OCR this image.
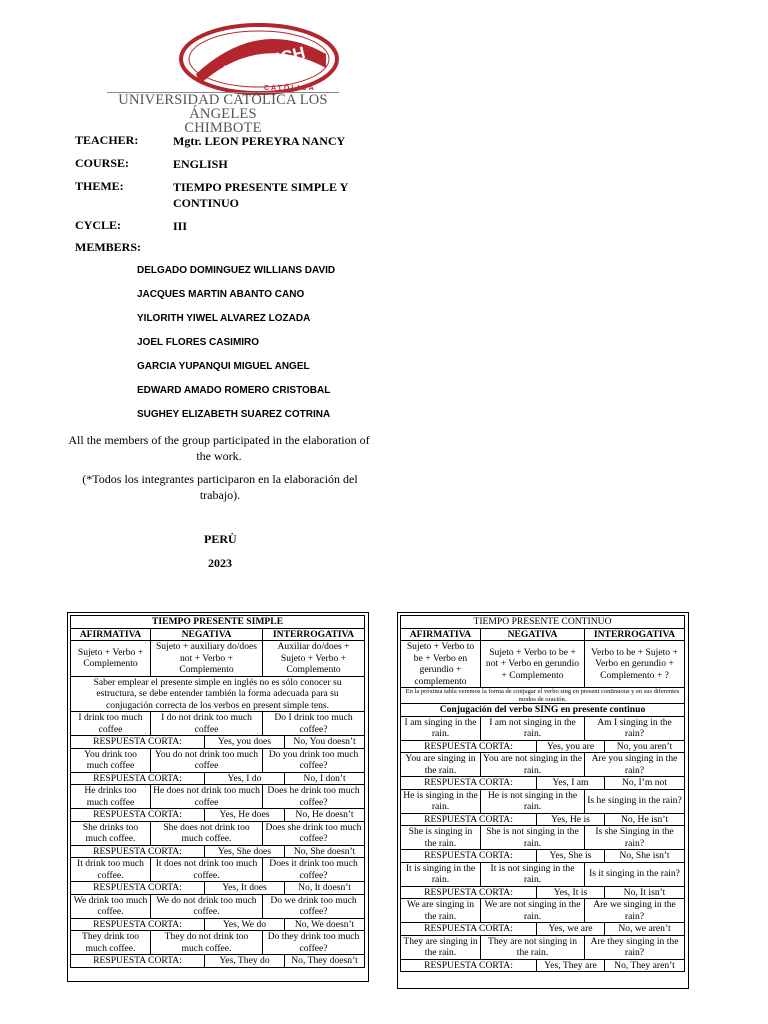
ULADECH
CATÓLICA
UNIVERSIDAD CATÓLICA LOS ÁNGELES
CHIMBOTE
TEACHER:	Mgtr. LEON PEREYRA NANCY
COURSE:	ENGLISH
THEME:	TIEMPO PRESENTE SIMPLE Y CONTINUO
CYCLE:	III
MEMBERS:
DELGADO DOMINGUEZ WILLIANS DAVID
JACQUES MARTIN ABANTO CANO
YILORITH YIWEL ALVAREZ LOZADA
JOEL FLORES CASIMIRO
GARCIA YUPANQUI MIGUEL ANGEL
EDWARD AMADO ROMERO CRISTOBAL
SUGHEY ELIZABETH SUAREZ COTRINA
All the members of the group participated in the elaboration of the work.
(*Todos los integrantes participaron en la elaboración del trabajo).
PERÙ
2023
TIEMPO PRESENTE SIMPLE				
AFIRMATIVA	NEGATIVA		INTERROGATIVA	
Sujeto + Verbo + Complemento	Sujeto + auxiliary do/does not + Verbo + Complemento		Auxiliar do/does + Sujeto + Verbo + Complemento	
Saber emplear el presente simple en inglés no es sólo conocer su estructura, se debe entender también la forma adecuada para su conjugación correcta de los verbos en present simple tens.				
I drink too much coffee	I do not drink too much coffee		Do I drink too much coffee?	
RESPUESTA CORTA:		Yes, you does		No, You doesn’t
You drink too much coffee	You do not drink too much coffee		Do you drink too much coffee?	
RESPUESTA CORTA:		Yes, I do		No, I don’t
He drinks too much coffee	He does not drink too much coffee		Does he drink too much coffee?	
RESPUESTA CORTA:		Yes, He does		No, He doesn’t
She drinks too much coffee.	She does not drink too much coffee.		Does she drink too much coffee?	
RESPUESTA CORTA:		Yes, She does		No, She doesn’t
It drink too much coffee.	It does not drink too much coffee.		Does it drink too much coffee?	
RESPUESTA CORTA:		Yes, It does		No, It doesn’t
We drink too much coffee.	We do not drink too much coffee.		Do we drink too much coffee?	
RESPUESTA CORTA:		Yes, We do		No, We doesn’t
They drink too much coffee.	They do not drink too much coffee.		Do they drink too much coffee?	
RESPUESTA CORTA:		Yes, They do		No, They doesn’t
TIEMPO PRESENTE CONTINUO				
AFIRMATIVA	NEGATIVA		INTERROGATIVA	
Sujeto + Verbo to be + Verbo en gerundio + complemento	Sujeto + Verbo to be + not + Verbo en gerundio + Complemento		Verbo to be + Sujeto + Verbo en gerundio + Complemento + ?	
En la próxima tabla veremos la forma de conjugar el verbo sing en present continuous y en sus diferentes modos de oración.				
Conjugación del verbo SING en presente continuo				
I am singing in the rain.	I am not singing in the rain.		Am I singing in the rain?	
RESPUESTA CORTA:		Yes, you are		No, you aren’t
You are singing in the rain.	You are not singing in the rain.		Are you singing in the rain?	
RESPUESTA CORTA:		Yes, I am		No, I’m not
He is singing in the rain.	He is not singing in the rain.		Is he singing in the rain?	
RESPUESTA CORTA:		Yes, He is		No, He isn’t
She is singing in the rain.	She is not singing in the rain.		Is she Singing in the rain?	
RESPUESTA CORTA:		Yes, She is		No, She isn’t
It is singing in the rain.	It is not singing in the rain.		Is it singing in the rain?	
RESPUESTA CORTA:		Yes, It is		No, It isn’t
We are singing in the rain.	We are not singing in the rain.		Are we singing in the rain?	
RESPUESTA CORTA:		Yes, we are		No, we aren’t
They are singing in the rain.	They are not singing in the rain.		Are they singing in the rain?	
RESPUESTA CORTA:		Yes, They are		No, They aren’t
